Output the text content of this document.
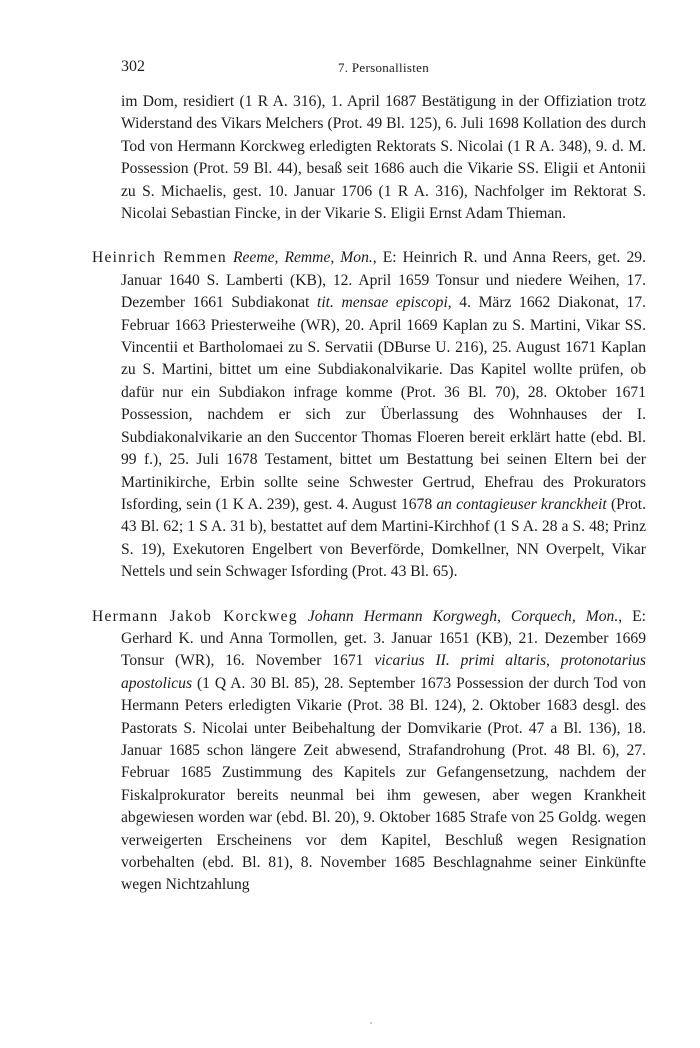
302	7. Personallisten

im Dom, residiert (1 R A. 316), 1. April 1687 Bestätigung in der Offiziation trotz Widerstand des Vikars Melchers (Prot. 49 Bl. 125), 6. Juli 1698 Kollation des durch Tod von Hermann Korckweg erledigten Rektorats S. Nicolai (1 R A. 348), 9. d. M. Possession (Prot. 59 Bl. 44), besaß seit 1686 auch die Vikarie SS. Eligii et Antonii zu S. Michaelis, gest. 10. Januar 1706 (1 R A. 316), Nachfolger im Rektorat S. Nicolai Sebastian Fincke, in der Vikarie S. Eligii Ernst Adam Thieman.

Heinrich Remmen Reeme, Remme, Mon., E: Heinrich R. und Anna Reers, get. 29. Januar 1640 S. Lamberti (KB), 12. April 1659 Tonsur und niedere Weihen, 17. Dezember 1661 Subdiakonat tit. mensae episcopi, 4. März 1662 Diakonat, 17. Februar 1663 Priesterweihe (WR), 20. April 1669 Kaplan zu S. Martini, Vikar SS. Vincentii et Bartholomaei zu S. Servatii (DBurse U. 216), 25. August 1671 Kaplan zu S. Martini, bittet um eine Subdiakonalvikarie. Das Kapitel wollte prüfen, ob dafür nur ein Subdiakon infrage komme (Prot. 36 Bl. 70), 28. Oktober 1671 Possession, nachdem er sich zur Überlassung des Wohnhauses der I. Subdiakonalvikarie an den Succentor Thomas Floeren bereit erklärt hatte (ebd. Bl. 99 f.), 25. Juli 1678 Testament, bittet um Bestattung bei seinen Eltern bei der Martinikirche, Erbin sollte seine Schwester Gertrud, Ehefrau des Prokurators Isfording, sein (1 K A. 239), gest. 4. August 1678 an contagieuser kranckheit (Prot. 43 Bl. 62; 1 S A. 31 b), bestattet auf dem Martini-Kirchhof (1 S A. 28 a S. 48; Prinz S. 19), Exekutoren Engelbert von Beverförde, Domkellner, NN Overpelt, Vikar Nettels und sein Schwager Isfording (Prot. 43 Bl. 65).

Hermann Jakob Korckweg Johann Hermann Korgwegh, Corquech, Mon., E: Gerhard K. und Anna Tormollen, get. 3. Januar 1651 (KB), 21. Dezember 1669 Tonsur (WR), 16. November 1671 vicarius II. primi altaris, protonotarius apostolicus (1 Q A. 30 Bl. 85), 28. September 1673 Possession der durch Tod von Hermann Peters erledigten Vikarie (Prot. 38 Bl. 124), 2. Oktober 1683 desgl. des Pastorats S. Nicolai unter Beibehaltung der Domvikarie (Prot. 47 a Bl. 136), 18. Januar 1685 schon längere Zeit abwesend, Strafandrohung (Prot. 48 Bl. 6), 27. Februar 1685 Zustimmung des Kapitels zur Gefangensetzung, nachdem der Fiskalprokurator bereits neunmal bei ihm gewesen, aber wegen Krankheit abgewiesen worden war (ebd. Bl. 20), 9. Oktober 1685 Strafe von 25 Goldg. wegen verweigerten Erscheinens vor dem Kapitel, Beschluß wegen Resignation vorbehalten (ebd. Bl. 81), 8. November 1685 Beschlagnahme seiner Einkünfte wegen Nichtzahlung
